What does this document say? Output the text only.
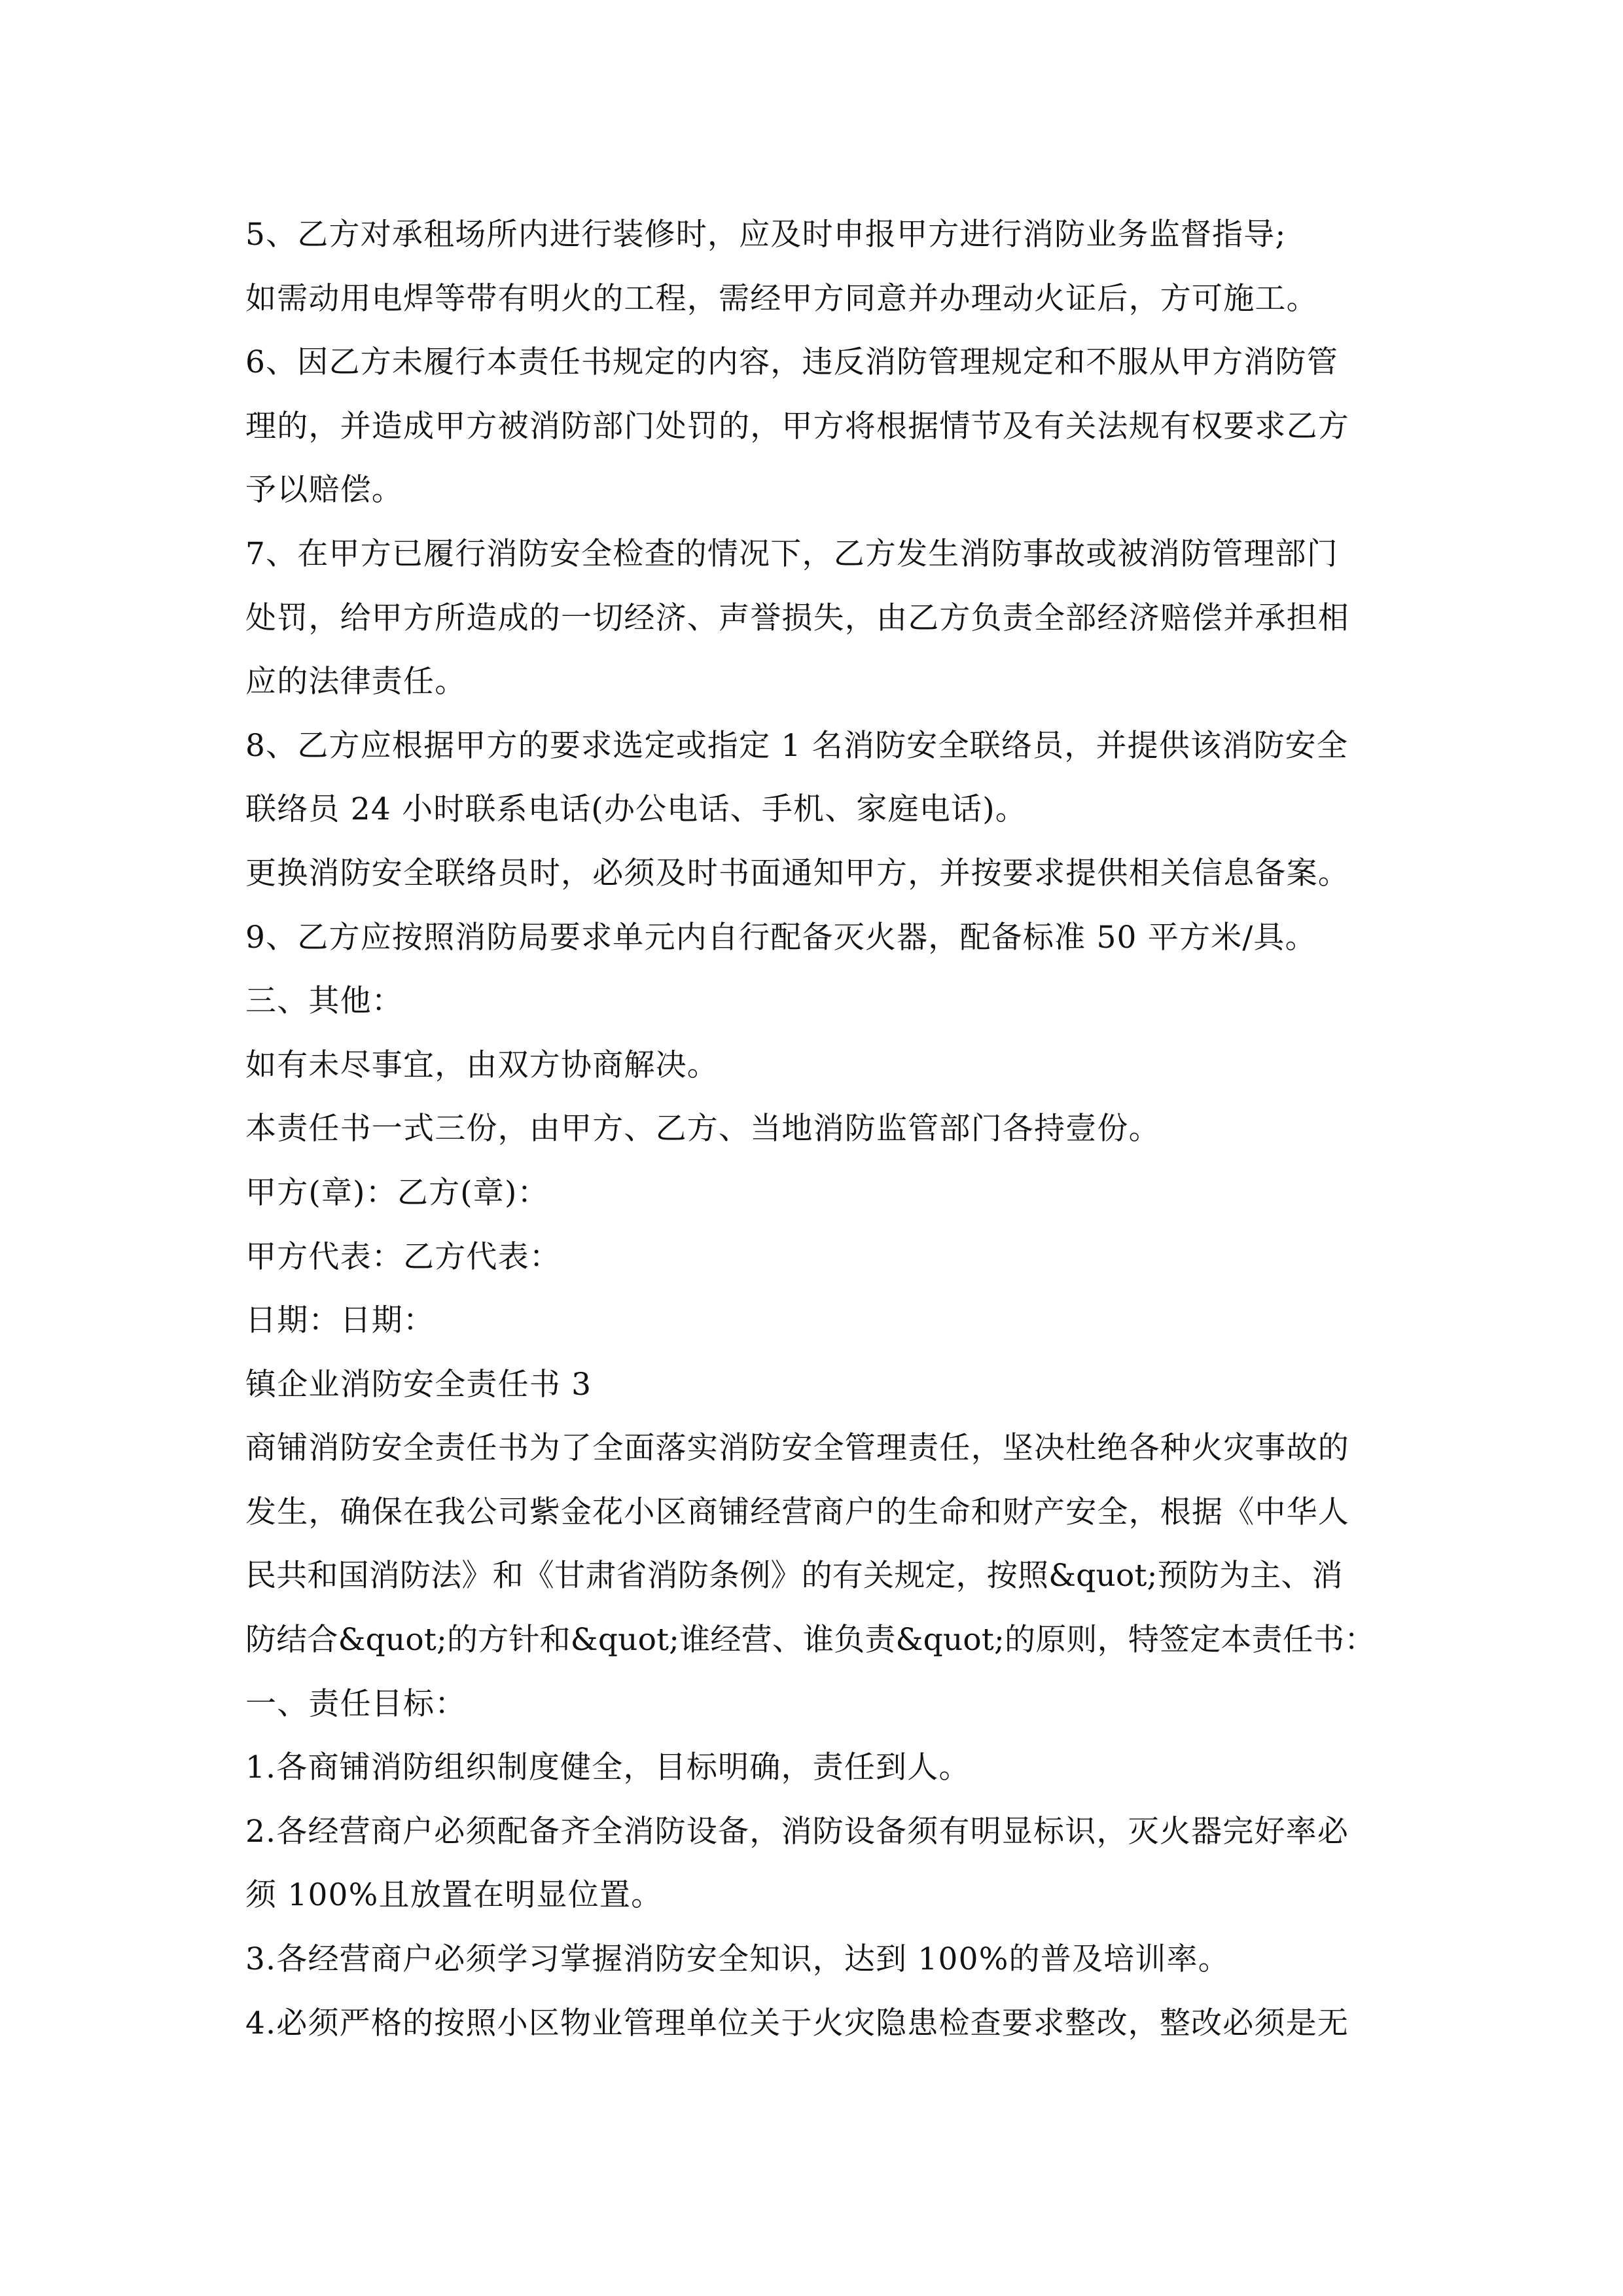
5、乙方对承租场所内进行装修时，应及时申报甲方进行消防业务监督指导;
如需动用电焊等带有明火的工程，需经甲方同意并办理动火证后，方可施工。
6、因乙方未履行本责任书规定的内容，违反消防管理规定和不服从甲方消防管
理的，并造成甲方被消防部门处罚的，甲方将根据情节及有关法规有权要求乙方
予以赔偿。
7、在甲方已履行消防安全检查的情况下，乙方发生消防事故或被消防管理部门
处罚，给甲方所造成的一切经济、声誉损失，由乙方负责全部经济赔偿并承担相
应的法律责任。
8、乙方应根据甲方的要求选定或指定 1 名消防安全联络员，并提供该消防安全
联络员 24 小时联系电话(办公电话、手机、家庭电话)。
更换消防安全联络员时，必须及时书面通知甲方，并按要求提供相关信息备案。
9、乙方应按照消防局要求单元内自行配备灭火器，配备标准 50 平方米/具。
三、其他：
如有未尽事宜，由双方协商解决。
本责任书一式三份，由甲方、乙方、当地消防监管部门各持壹份。
甲方(章)：乙方(章)：
甲方代表：乙方代表：
日期：日期：
镇企业消防安全责任书 3
商铺消防安全责任书为了全面落实消防安全管理责任，坚决杜绝各种火灾事故的
发生，确保在我公司紫金花小区商铺经营商户的生命和财产安全，根据《中华人
民共和国消防法》和《甘肃省消防条例》的有关规定，按照&quot;预防为主、消
防结合&quot;的方针和&quot;谁经营、谁负责&quot;的原则，特签定本责任书：
一、责任目标：
1.各商铺消防组织制度健全，目标明确，责任到人。
2.各经营商户必须配备齐全消防设备，消防设备须有明显标识，灭火器完好率必
须 100%且放置在明显位置。
3.各经营商户必须学习掌握消防安全知识，达到 100%的普及培训率。
4.必须严格的按照小区物业管理单位关于火灾隐患检查要求整改，整改必须是无
